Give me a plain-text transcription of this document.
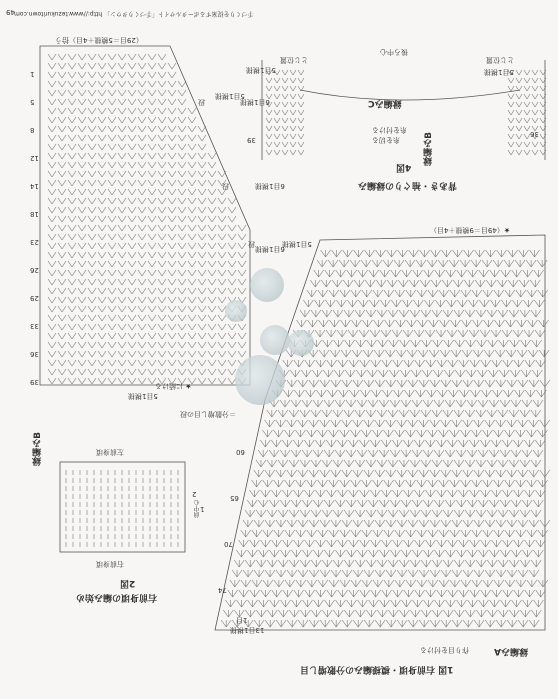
49 手づくりを提案するポータルサイト「手づくりタウン」 http://www.tezukuritown.com
（29目＝5模様＋4目）拾う
5目1模様
6目1模様
5目1模様
5目1模様
★ に続ける
段
段
段
1
5
8
12
14
18
23
26
29
33
36
39
後ろ中心
とじ位置	とじ位置
5目1模様	5目1模様
6目1模様
39
36
縁編みC
縁編みB
糸を付ける
糸を切る
4図
背あき・袖ぐりの縁編み
左前身頃
右前身頃
2
1
前中心
縁編みB
2図
右前身頃の編み始め
＝分散増し目の段
★（49目＝9模様＋4目）
6目1模様
1目
13目1模様
作り目を付ける	縁編みA
1図 右前身頃・模様編みの分散増し目
60
65
70
74
